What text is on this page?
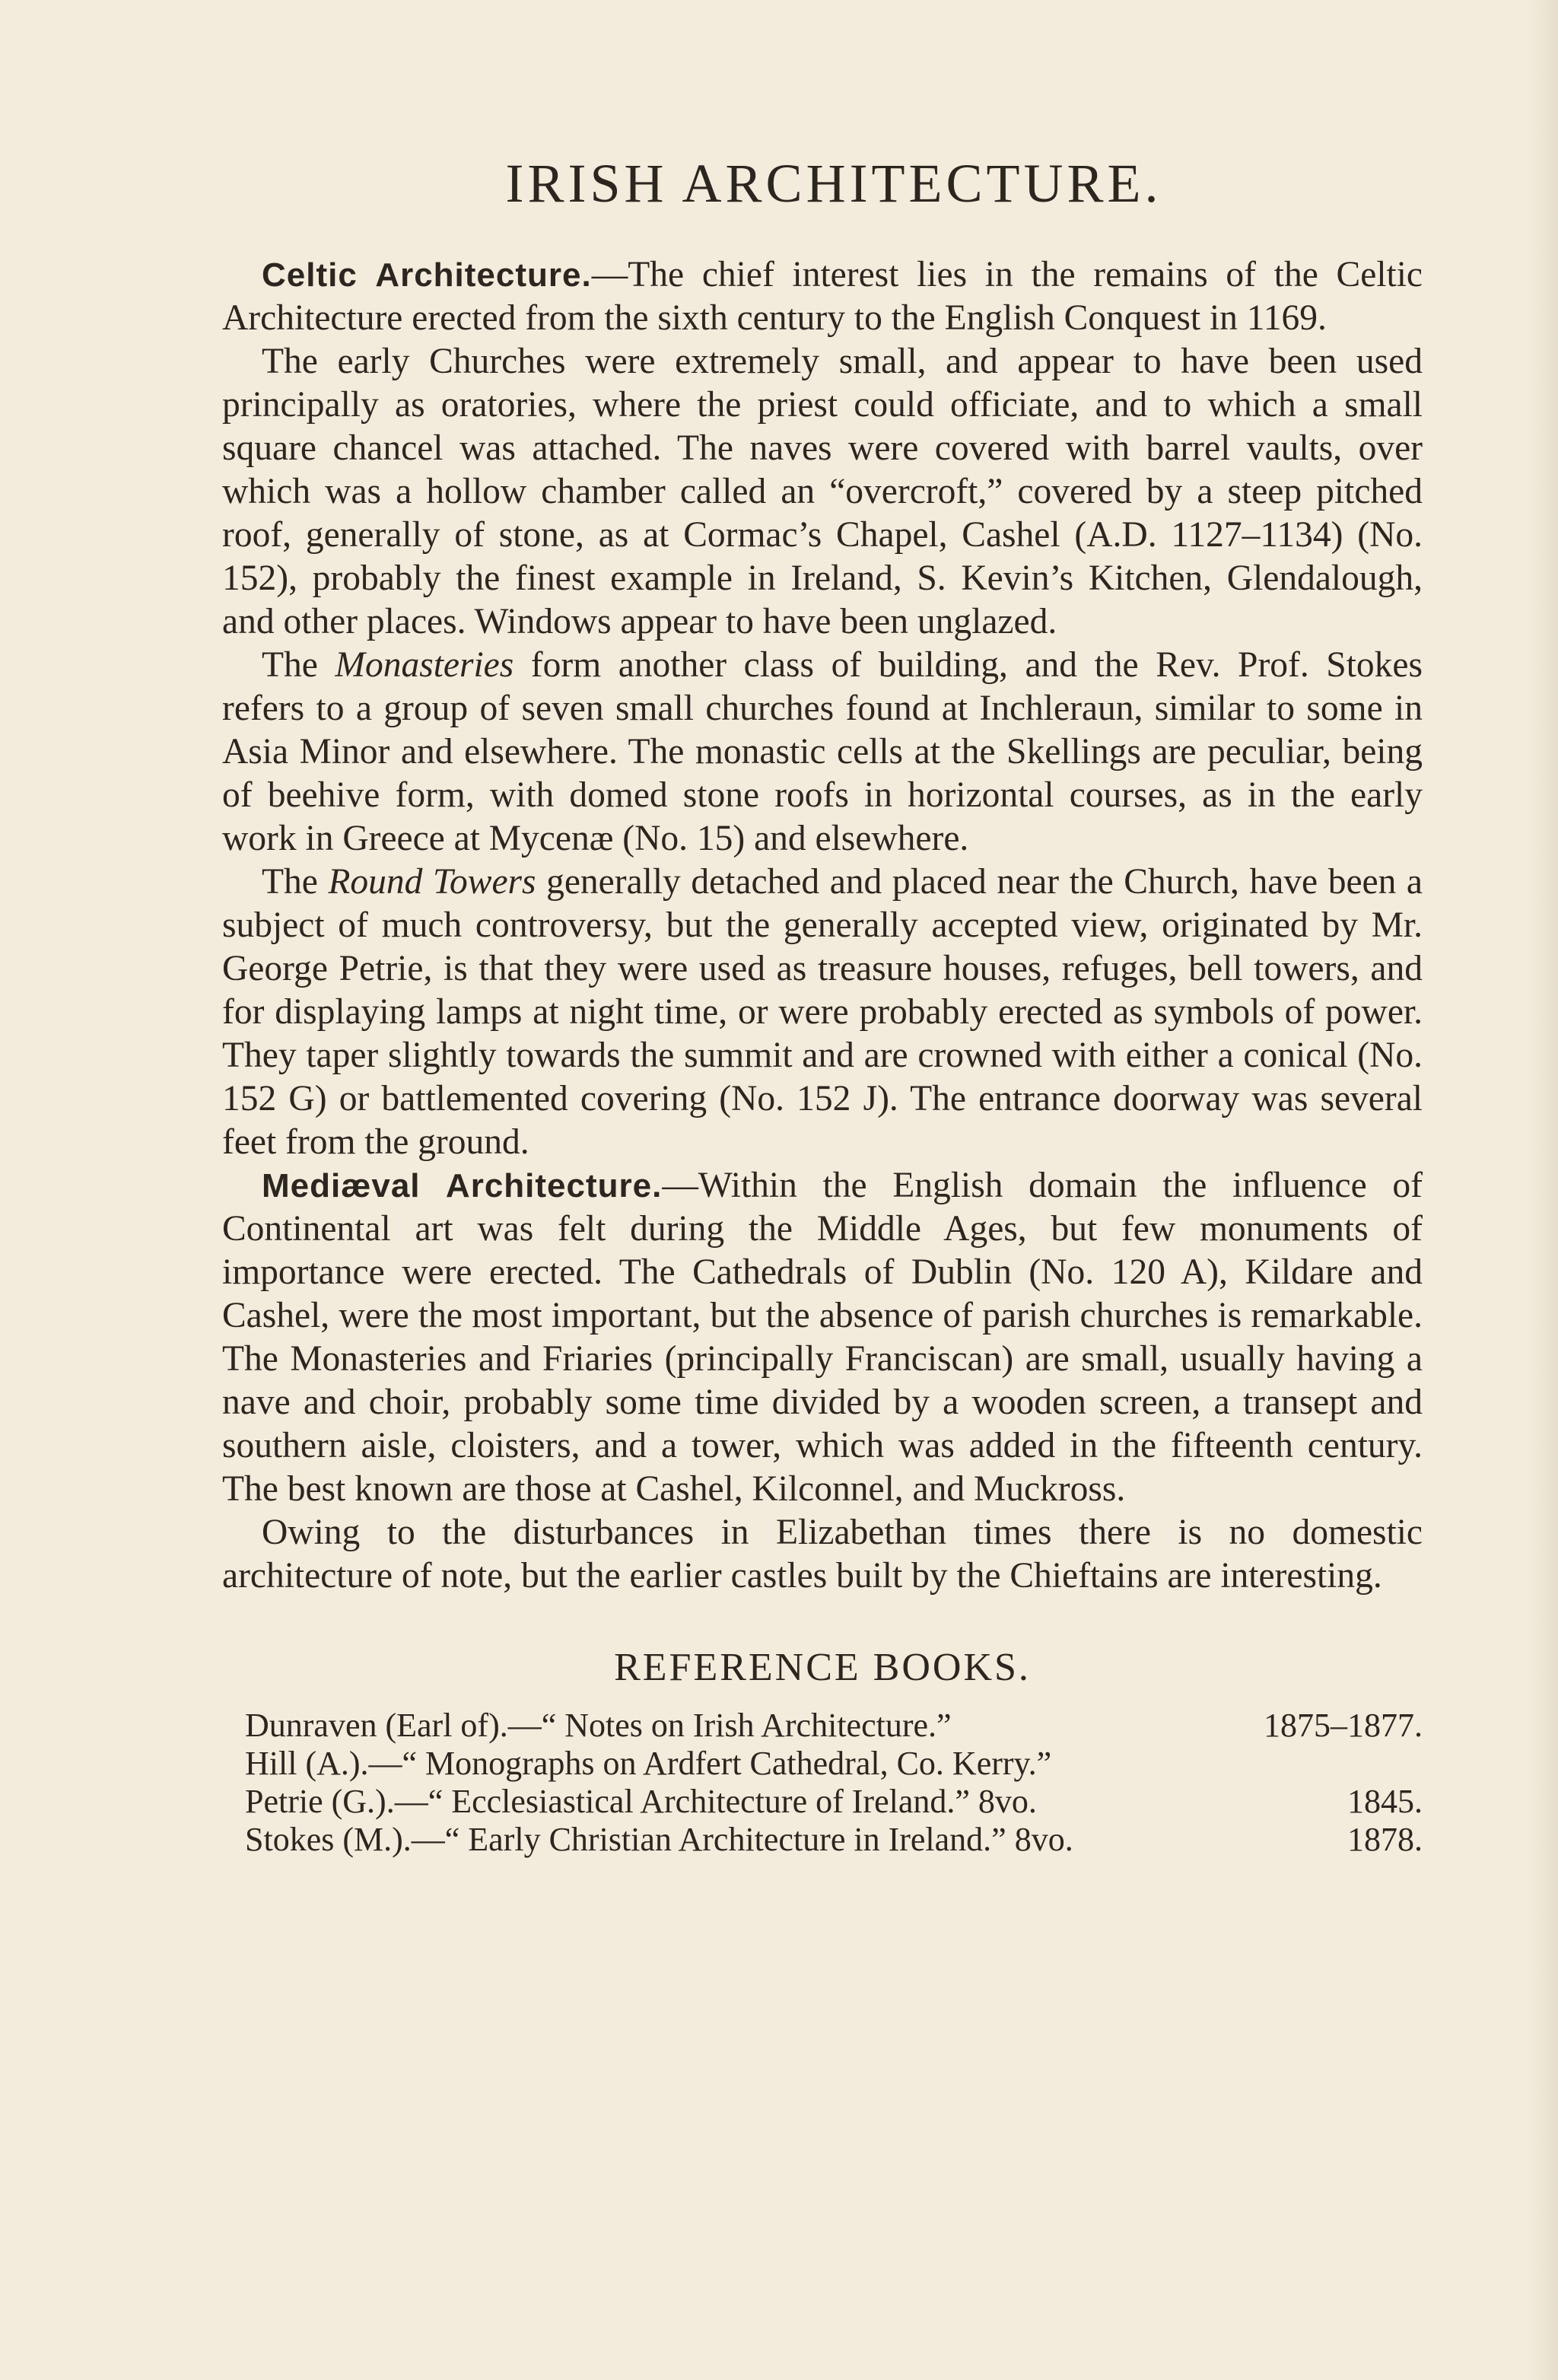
IRISH ARCHITECTURE.

Celtic Architecture.—The chief interest lies in the remains of the Celtic Architecture erected from the sixth century to the English Conquest in 1169.

The early Churches were extremely small, and appear to have been used principally as oratories, where the priest could officiate, and to which a small square chancel was attached. The naves were covered with barrel vaults, over which was a hollow chamber called an “overcroft,” covered by a steep pitched roof, generally of stone, as at Cormac’s Chapel, Cashel (A.D. 1127–1134) (No. 152), probably the finest example in Ireland, S. Kevin’s Kitchen, Glendalough, and other places. Windows appear to have been unglazed.

The Monasteries form another class of building, and the Rev. Prof. Stokes refers to a group of seven small churches found at Inchleraun, similar to some in Asia Minor and elsewhere. The monastic cells at the Skellings are peculiar, being of beehive form, with domed stone roofs in horizontal courses, as in the early work in Greece at Mycenæ (No. 15) and elsewhere.

The Round Towers generally detached and placed near the Church, have been a subject of much controversy, but the generally accepted view, originated by Mr. George Petrie, is that they were used as treasure houses, refuges, bell towers, and for displaying lamps at night time, or were probably erected as symbols of power. They taper slightly towards the summit and are crowned with either a conical (No. 152 G) or battlemented covering (No. 152 J). The entrance doorway was several feet from the ground.

Mediæval Architecture.—Within the English domain the influence of Continental art was felt during the Middle Ages, but few monuments of importance were erected. The Cathedrals of Dublin (No. 120 A), Kildare and Cashel, were the most important, but the absence of parish churches is remarkable. The Monasteries and Friaries (principally Franciscan) are small, usually having a nave and choir, probably some time divided by a wooden screen, a transept and southern aisle, cloisters, and a tower, which was added in the fifteenth century. The best known are those at Cashel, Kilconnel, and Muckross.

Owing to the disturbances in Elizabethan times there is no domestic architecture of note, but the earlier castles built by the Chieftains are interesting.

REFERENCE BOOKS.
Dunraven (Earl of).—“ Notes on Irish Architecture.”	1875–1877.
Hill (A.).—“ Monographs on Ardfert Cathedral, Co. Kerry.”
Petrie (G.).—“ Ecclesiastical Architecture of Ireland.” 8vo.	1845.
Stokes (M.).—“ Early Christian Architecture in Ireland.” 8vo.	1878.
